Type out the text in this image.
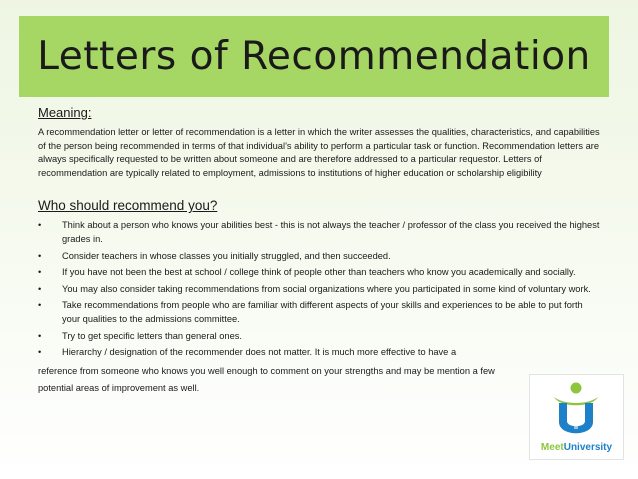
Letters of Recommendation
Meaning:

A recommendation letter or letter of recommendation is a letter in which the writer assesses the qualities, characteristics, and capabilities of the person being recommended in terms of that individual’s ability to perform a particular task or function. Recommendation letters are always specifically requested to be written about someone and are therefore addressed to a particular requestor. Letters of recommendation are typically related to employment, admissions to institutions of higher education or scholarship eligibility

Who should recommend you?
•	Think about a person who knows your abilities best - this is not always the teacher / professor of the class you received the highest grades in.
•	Consider teachers in whose classes you initially struggled, and then succeeded.
•	If you have not been the best at school / college think of people other than teachers who know you academically and socially.
•	You may also consider taking recommendations from social organizations where you participated in some kind of voluntary work.
•	Take recommendations from people who are familiar with different aspects of your skills and experiences to be able to put forth your qualities to the admissions committee.
•	Try to get specific letters than general ones.
•	Hierarchy / designation of the recommender does not matter. It is much more effective to have a

reference from someone who knows you well enough to comment on your strengths and may be mention a few potential areas of improvement as well.

MeetUniversity
